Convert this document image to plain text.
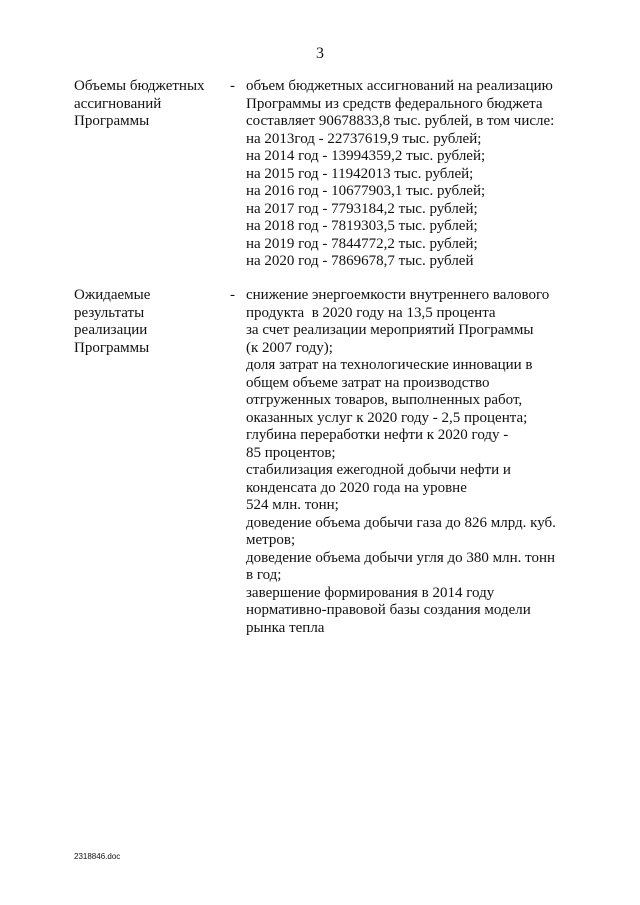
3
Объемы бюджетных
ассигнований
Программы
- объем бюджетных ассигнований на реализацию
Программы из средств федерального бюджета
составляет 90678833,8 тыс. рублей, в том числе:
на 2013год - 22737619,9 тыс. рублей;
на 2014 год - 13994359,2 тыс. рублей;
на 2015 год - 11942013 тыс. рублей;
на 2016 год - 10677903,1 тыс. рублей;
на 2017 год - 7793184,2 тыс. рублей;
на 2018 год - 7819303,5 тыс. рублей;
на 2019 год - 7844772,2 тыс. рублей;
на 2020 год - 7869678,7 тыс. рублей
Ожидаемые
результаты
реализации
Программы
- снижение энергоемкости внутреннего валового
продукта  в 2020 году на 13,5 процента
за счет реализации мероприятий Программы
(к 2007 году);
доля затрат на технологические инновации в
общем объеме затрат на производство
отгруженных товаров, выполненных работ,
оказанных услуг к 2020 году - 2,5 процента;
глубина переработки нефти к 2020 году -
85 процентов;
стабилизация ежегодной добычи нефти и
конденсата до 2020 года на уровне
524 млн. тонн;
доведение объема добычи газа до 826 млрд. куб.
метров;
доведение объема добычи угля до 380 млн. тонн
в год;
завершение формирования в 2014 году
нормативно-правовой базы создания модели
рынка тепла
2318846.doc
